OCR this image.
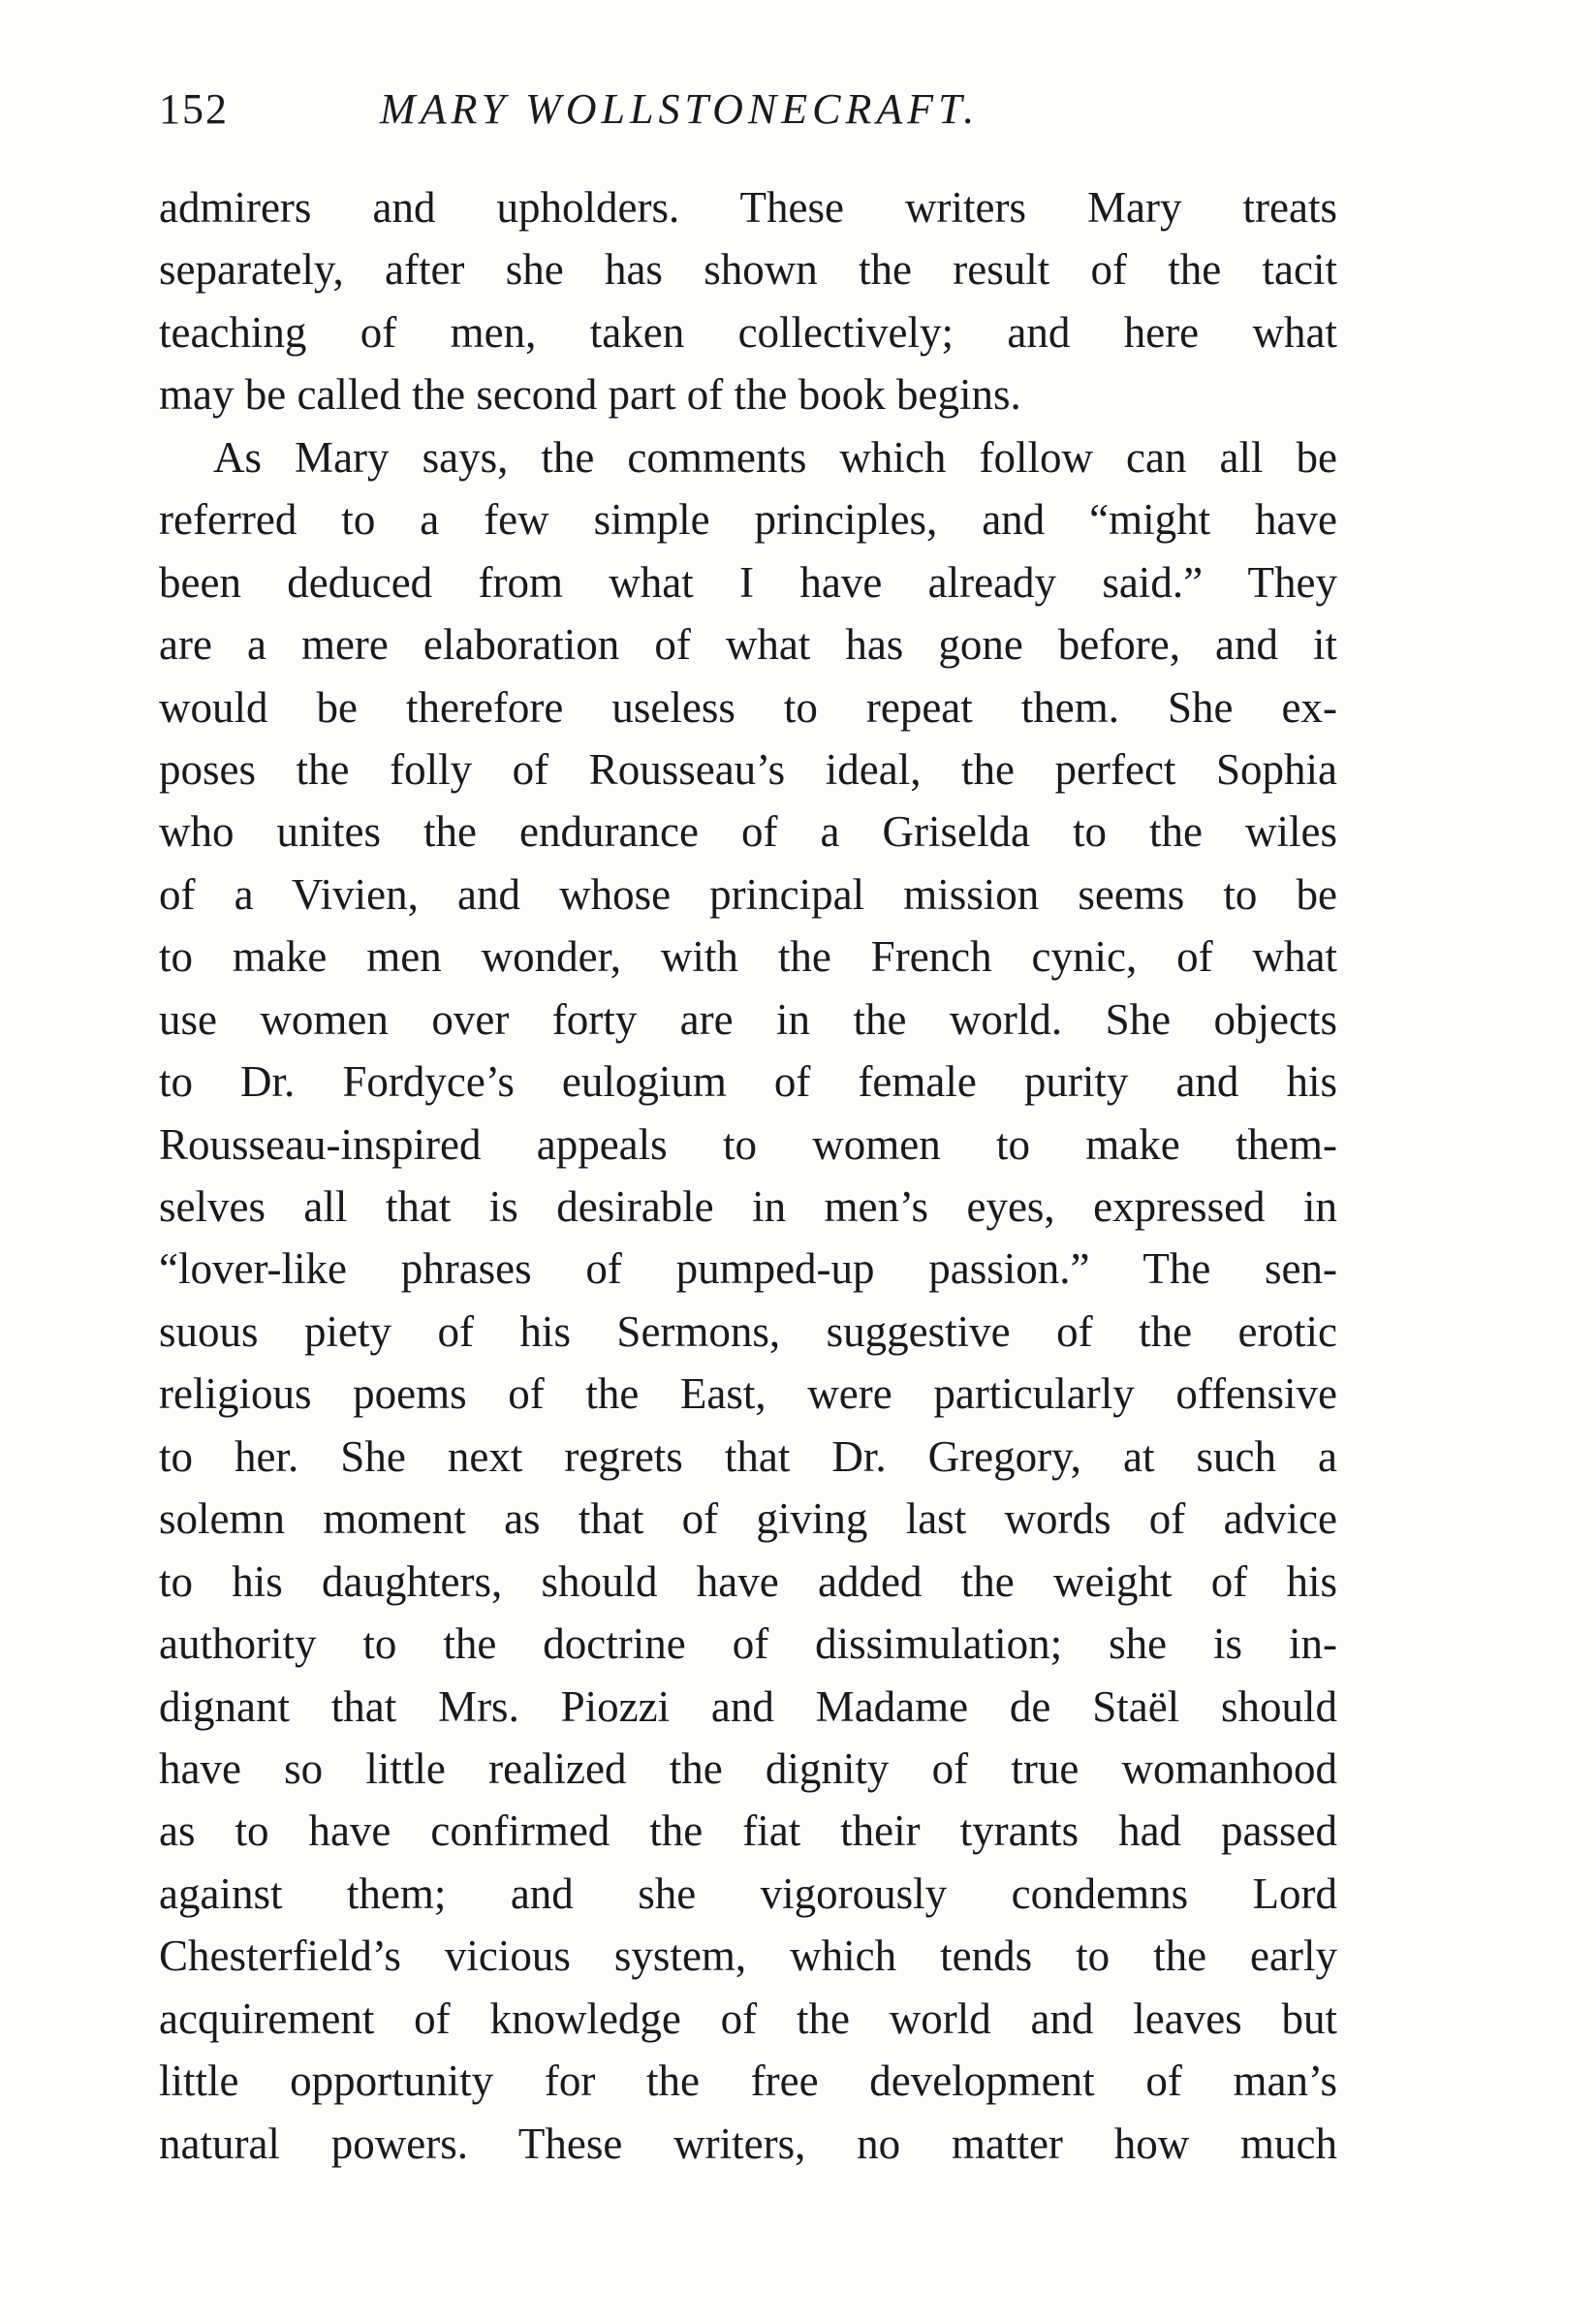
152	MARY WOLLSTONECRAFT.
admirers and upholders. These writers Mary treats
separately, after she has shown the result of the tacit
teaching of men, taken collectively; and here what
may be called the second part of the book begins.
As Mary says, the comments which follow can all be
referred to a few simple principles, and “might have
been deduced from what I have already said.” They
are a mere elaboration of what has gone before, and it
would be therefore useless to repeat them. She ex-
poses the folly of Rousseau’s ideal, the perfect Sophia
who unites the endurance of a Griselda to the wiles
of a Vivien, and whose principal mission seems to be
to make men wonder, with the French cynic, of what
use women over forty are in the world. She objects
to Dr. Fordyce’s eulogium of female purity and his
Rousseau-inspired appeals to women to make them-
selves all that is desirable in men’s eyes, expressed in
“lover-like phrases of pumped-up passion.” The sen-
suous piety of his Sermons, suggestive of the erotic
religious poems of the East, were particularly offensive
to her. She next regrets that Dr. Gregory, at such a
solemn moment as that of giving last words of advice
to his daughters, should have added the weight of his
authority to the doctrine of dissimulation; she is in-
dignant that Mrs. Piozzi and Madame de Staël should
have so little realized the dignity of true womanhood
as to have confirmed the fiat their tyrants had passed
against them; and she vigorously condemns Lord
Chesterfield’s vicious system, which tends to the early
acquirement of knowledge of the world and leaves but
little opportunity for the free development of man’s
natural powers. These writers, no matter how much
